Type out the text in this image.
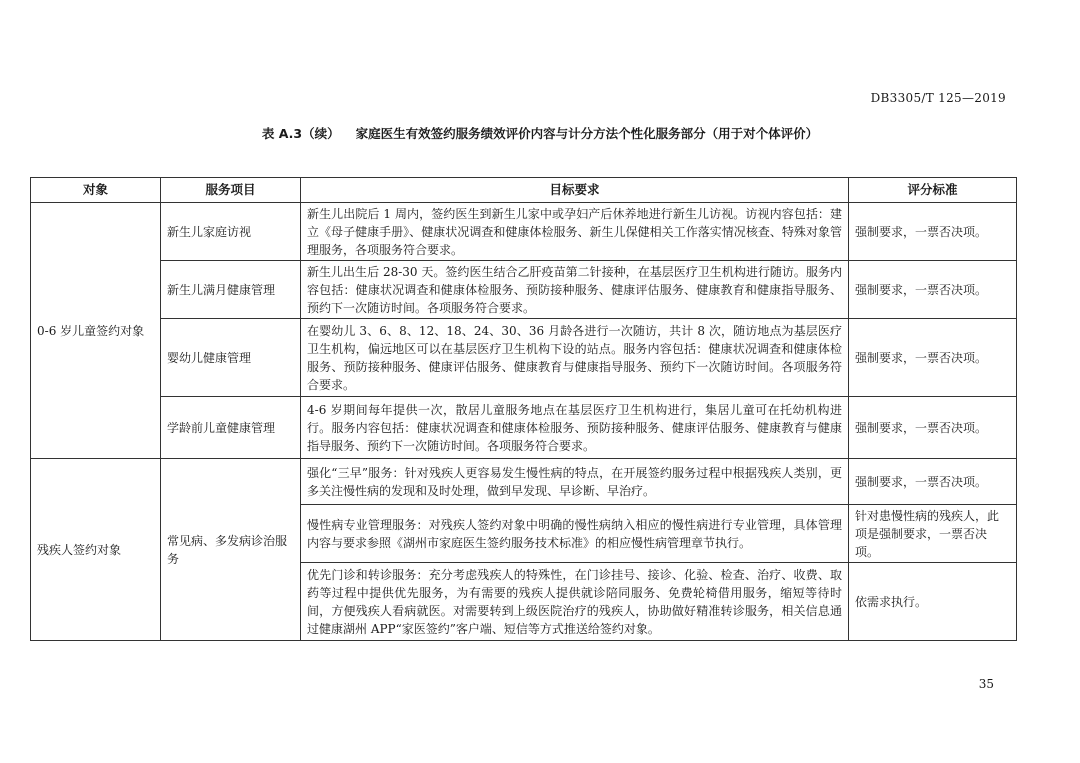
DB3305/T 125—2019
表 A.3（续） 家庭医生有效签约服务绩效评价内容与计分方法个性化服务部分（用于对个体评价）
对象	服务项目	目标要求	评分标准
0-6 岁儿童签约对象	新生儿家庭访视	新生儿出院后 1 周内，签约医生到新生儿家中或孕妇产后休养地进行新生儿访视。访视内容包括：建立《母子健康手册》、健康状况调查和健康体检服务、新生儿保健相关工作落实情况核查、特殊对象管理服务，各项服务符合要求。	强制要求，一票否决项。
	新生儿满月健康管理	新生儿出生后 28-30 天。签约医生结合乙肝疫苗第二针接种，在基层医疗卫生机构进行随访。服务内容包括：健康状况调查和健康体检服务、预防接种服务、健康评估服务、健康教育和健康指导服务、预约下一次随访时间。各项服务符合要求。	强制要求，一票否决项。
	婴幼儿健康管理	在婴幼儿 3、6、8、12、18、24、30、36 月龄各进行一次随访，共计 8 次，随访地点为基层医疗卫生机构，偏远地区可以在基层医疗卫生机构下设的站点。服务内容包括：健康状况调查和健康体检服务、预防接种服务、健康评估服务、健康教育与健康指导服务、预约下一次随访时间。各项服务符合要求。	强制要求，一票否决项。
	学龄前儿童健康管理	4-6 岁期间每年提供一次，散居儿童服务地点在基层医疗卫生机构进行，集居儿童可在托幼机构进行。服务内容包括：健康状况调查和健康体检服务、预防接种服务、健康评估服务、健康教育与健康指导服务、预约下一次随访时间。各项服务符合要求。	强制要求，一票否决项。
残疾人签约对象	常见病、多发病诊治服务	强化“三早”服务：针对残疾人更容易发生慢性病的特点，在开展签约服务过程中根据残疾人类别，更多关注慢性病的发现和及时处理，做到早发现、早诊断、早治疗。	强制要求，一票否决项。
		慢性病专业管理服务：对残疾人签约对象中明确的慢性病纳入相应的慢性病进行专业管理，具体管理内容与要求参照《湖州市家庭医生签约服务技术标准》的相应慢性病管理章节执行。	针对患慢性病的残疾人，此项是强制要求，一票否决项。
		优先门诊和转诊服务：充分考虑残疾人的特殊性，在门诊挂号、接诊、化验、检查、治疗、收费、取药等过程中提供优先服务，为有需要的残疾人提供就诊陪同服务、免费轮椅借用服务，缩短等待时间，方便残疾人看病就医。对需要转到上级医院治疗的残疾人，协助做好精准转诊服务，相关信息通过健康湖州 APP“家医签约”客户端、短信等方式推送给签约对象。	依需求执行。
35
